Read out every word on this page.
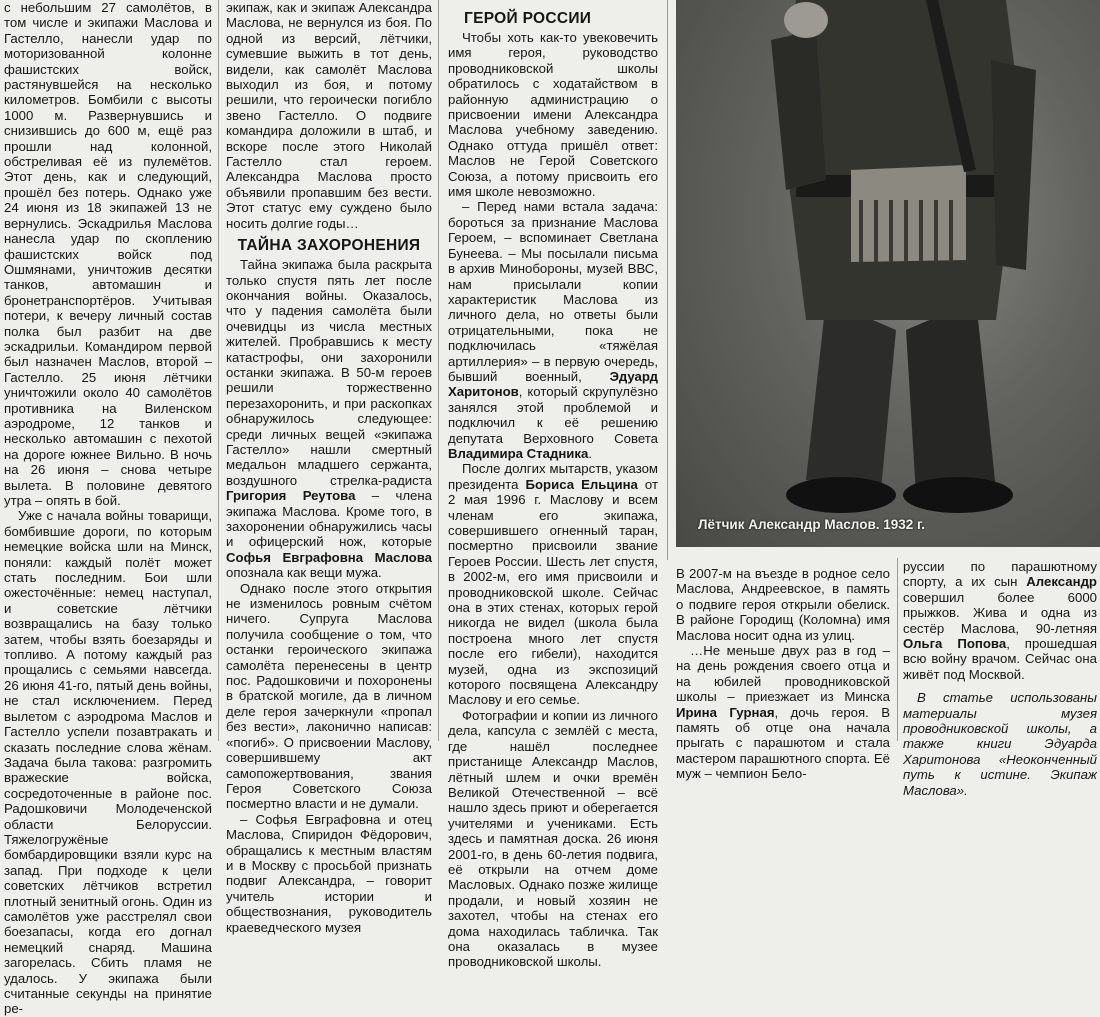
с небольшим 27 самолётов, в том числе и экипажи Маслова и Гастелло, нанесли удар по моторизованной колонне фашистских войск, растянувшейся на несколько километров. Бомбили с высоты 1000 м. Развернувшись и снизившись до 600 м, ещё раз прошли над колонной, обстреливая её из пулемётов. Этот день, как и следующий, прошёл без потерь. Однако уже 24 июня из 18 экипажей 13 не вернулись. Эскадрилья Маслова нанесла удар по скоплению фашистских войск под Ошмянами, уничтожив десятки танков, автомашин и бронетранспортёров. Учитывая потери, к вечеру личный состав полка был разбит на две эскадрильи. Командиром первой был назначен Маслов, второй – Гастелло. 25 июня лётчики уничтожили около 40 самолётов противника на Виленском аэродроме, 12 танков и несколько автомашин с пехотой на дороге южнее Вильно. В ночь на 26 июня – снова четыре вылета. В половине девятого утра – опять в бой.

Уже с начала войны товарищи, бомбившие дороги, по которым немецкие войска шли на Минск, поняли: каждый полёт может стать последним. Бои шли ожесточённые: немец наступал, и советские лётчики возвращались на базу только затем, чтобы взять боезаряды и топливо. А потому каждый раз прощались с семьями навсегда. 26 июня 41-го, пятый день войны, не стал исключением. Перед вылетом с аэродрома Маслов и Гастелло успели позавтракать и сказать последние слова жёнам. Задача была такова: разгромить вражеские войска, сосредоточенные в районе пос. Радошковичи Молодеченской области Белоруссии. Тяжелогружёные бомбардировщики взяли курс на запад. При подходе к цели советских лётчиков встретил плотный зенитный огонь. Один из самолётов уже расстрелял свои боезапасы, когда его догнал немецкий снаряд. Машина загорелась. Сбить пламя не удалось. У экипажа были считанные секунды на принятие ре-

экипаж, как и экипаж Александра Маслова, не вернулся из боя. По одной из версий, лётчики, сумевшие выжить в тот день, видели, как самолёт Маслова выходил из боя, и потому решили, что героически погибло звено Гастелло. О подвиге командира доложили в штаб, и вскоре после этого Николай Гастелло стал героем. Александра Маслова просто объявили пропавшим без вести. Этот статус ему суждено было носить долгие годы…

ТАЙНА ЗАХОРОНЕНИЯ

Тайна экипажа была раскрыта только спустя пять лет после окончания войны. Оказалось, что у падения самолёта были очевидцы из числа местных жителей. Пробравшись к месту катастрофы, они захоронили останки экипажа. В 50-м героев решили торжественно перезахоронить, и при раскопках обнаружилось следующее: среди личных вещей «экипажа Гастелло» нашли смертный медальон младшего сержанта, воздушного стрелка-радиста Григория Реутова – члена экипажа Маслова. Кроме того, в захоронении обнаружились часы и офицерский нож, которые Софья Евграфовна Маслова опознала как вещи мужа.

Однако после этого открытия не изменилось ровным счётом ничего. Супруга Маслова получила сообщение о том, что останки героического экипажа самолёта перенесены в центр пос. Радошковичи и похоронены в братской могиле, да в личном деле героя зачеркнули «пропал без вести», лаконично написав: «погиб». О присвоении Маслову, совершившему акт самопожертвования, звания Героя Советского Союза посмертно власти и не думали.

– Софья Евграфовна и отец Маслова, Спиридон Фёдорович, обращались к местным властям и в Москву с просьбой признать подвиг Александра, – говорит учитель истории и обществознания, руководитель краеведческого музея

ГЕРОЙ РОССИИ

Чтобы хоть как-то увековечить имя героя, руководство проводниковской школы обратилось с ходатайством в районную администрацию о присвоении имени Александра Маслова учебному заведению. Однако оттуда пришёл ответ: Маслов не Герой Советского Союза, а потому присвоить его имя школе невозможно.

– Перед нами встала задача: бороться за признание Маслова Героем, – вспоминает Светлана Бунеева. – Мы посылали письма в архив Минобороны, музей ВВС, нам присылали копии характеристик Маслова из личного дела, но ответы были отрицательными, пока не подключилась «тяжёлая артиллерия» – в первую очередь, бывший военный, Эдуард Харитонов, который скрупулёзно занялся этой проблемой и подключил к её решению депутата Верховного Совета Владимира Стадника.

После долгих мытарств, указом президента Бориса Ельцина от 2 мая 1996 г. Маслову и всем членам его экипажа, совершившего огненный таран, посмертно присвоили звание Героев России. Шесть лет спустя, в 2002-м, его имя присвоили и проводниковской школе. Сейчас она в этих стенах, которых герой никогда не видел (школа была построена много лет спустя после его гибели), находится музей, одна из экспозиций которого посвящена Александру Маслову и его семье.

Фотографии и копии из личного дела, капсула с землёй с места, где нашёл последнее пристанище Александр Маслов, лётный шлем и очки времён Великой Отечественной – всё нашло здесь приют и оберегается учителями и учениками. Есть здесь и памятная доска. 26 июня 2001-го, в день 60-летия подвига, её открыли на отчем доме Масловых. Однако позже жилище продали, и новый хозяин не захотел, чтобы на стенах его дома находилась табличка. Так она оказалась в музее проводниковской школы.

Лётчик Александр Маслов. 1932 г.

В 2007-м на въезде в родное село Маслова, Андреевское, в память о подвиге героя открыли обелиск. В районе Городищ (Коломна) имя Маслова носит одна из улиц.

…Не меньше двух раз в год – на день рождения своего отца и на юбилей проводниковской школы – приезжает из Минска Ирина Гурная, дочь героя. В память об отце она начала прыгать с парашютом и стала мастером парашютного спорта. Её муж – чемпион Бело-

руссии по парашютному спорту, а их сын Александр совершил более 6000 прыжков. Жива и одна из сестёр Маслова, 90-летняя Ольга Попова, прошедшая всю войну врачом. Сейчас она живёт под Москвой.

В статье использованы материалы музея проводниковской школы, а также книги Эдуарда Харитонова «Неоконченный путь к истине. Экипаж Маслова».
